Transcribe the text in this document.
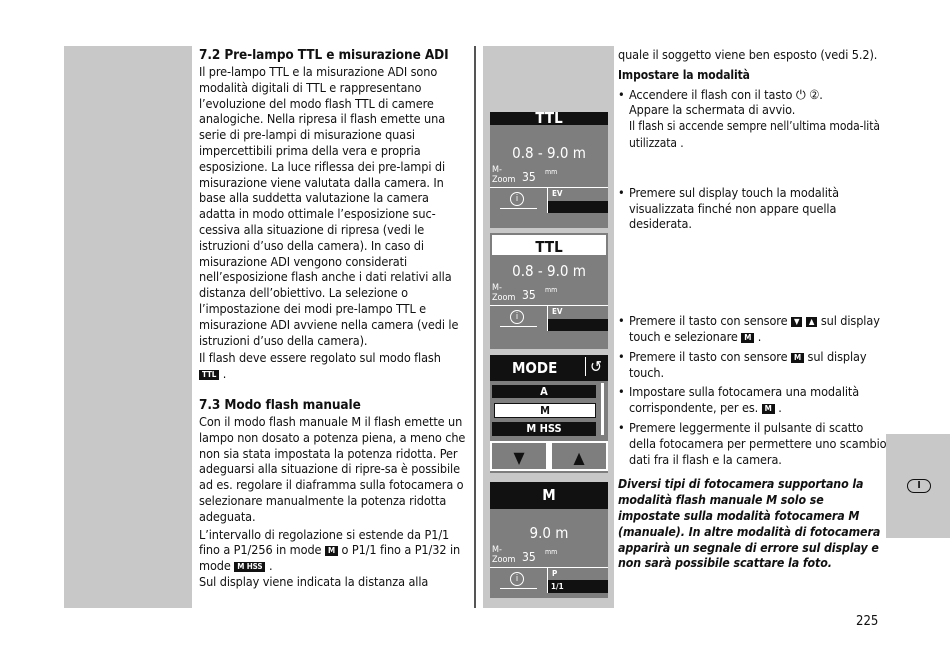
7.2 Pre-lampo TTL e misurazione ADI

Il pre-lampo TTL e la misurazione ADI sono modalità digitali di TTL e rappresentano l’evoluzione del modo flash TTL di camere analogiche. Nella ripresa il flash emette una serie di pre-lampi di misurazione quasi impercettibili prima della vera e propria esposizione. La luce riflessa dei pre-lampi di misurazione viene valutata dalla camera. In base alla suddetta valutazione la camera adatta in modo ottimale l’esposizione suc-cessiva alla situazione di ripresa (vedi le istruzioni d’uso della camera). In caso di misurazione ADI vengono considerati nell’esposizione flash anche i dati relativi alla distanza dell’obiettivo. La selezione o l’impostazione dei modi pre-lampo TTL e misurazione ADI avviene nella camera (vedi le istruzioni d’uso della camera).

Il flash deve essere regolato sul modo flash
TTL .

7.3 Modo flash manuale

Con il modo flash manuale M il flash emette un lampo non dosato a potenza piena, a meno che non sia stata impostata la potenza ridotta. Per adeguarsi alla situazione di ripre-sa è possibile ad es. regolare il diaframma sulla fotocamera o selezionare manualmente la potenza ridotta adeguata.

L’intervallo di regolazione si estende da P1/1 fino a P1/256 in mode M o P1/1 fino a P1/32 in mode M HSS .

Sul display viene indicata la distanza alla

TTL
0.8 - 9.0 m
M-
Zoom 35 mm
i
EV
TTL
0.8 - 9.0 m
M-
Zoom 35 mm
i
EV
MODE	↺
A
M
M HSS
▼	▲
M
9.0 m
M-
Zoom 35 mm
i
P
1/1

quale il soggetto viene ben esposto (vedi 5.2).

Impostare la modalità

• Accendere il flash con il tasto ⏻ ②.
Appare la schermata di avvio.
Il flash si accende sempre nell’ultima moda-lità utilizzata .
• Premere sul display touch la modalità visualizzata finché non appare quella desiderata.
• Premere il tasto con sensore ▼ ▲ sul display touch e selezionare M .
• Premere il tasto con sensore M sul display touch.
• Impostare sulla fotocamera una modalità corrispondente, per es. M .
• Premere leggermente il pulsante di scatto della fotocamera per permettere uno scambio dati fra il flash e la camera.

Diversi tipi di fotocamera supportano la modalità flash manuale M solo se impostate sulla modalità fotocamera M (manuale). In altre modalità di fotocamera apparirà un segnale di errore sul display e non sarà possibile scattare la foto.

I
225
